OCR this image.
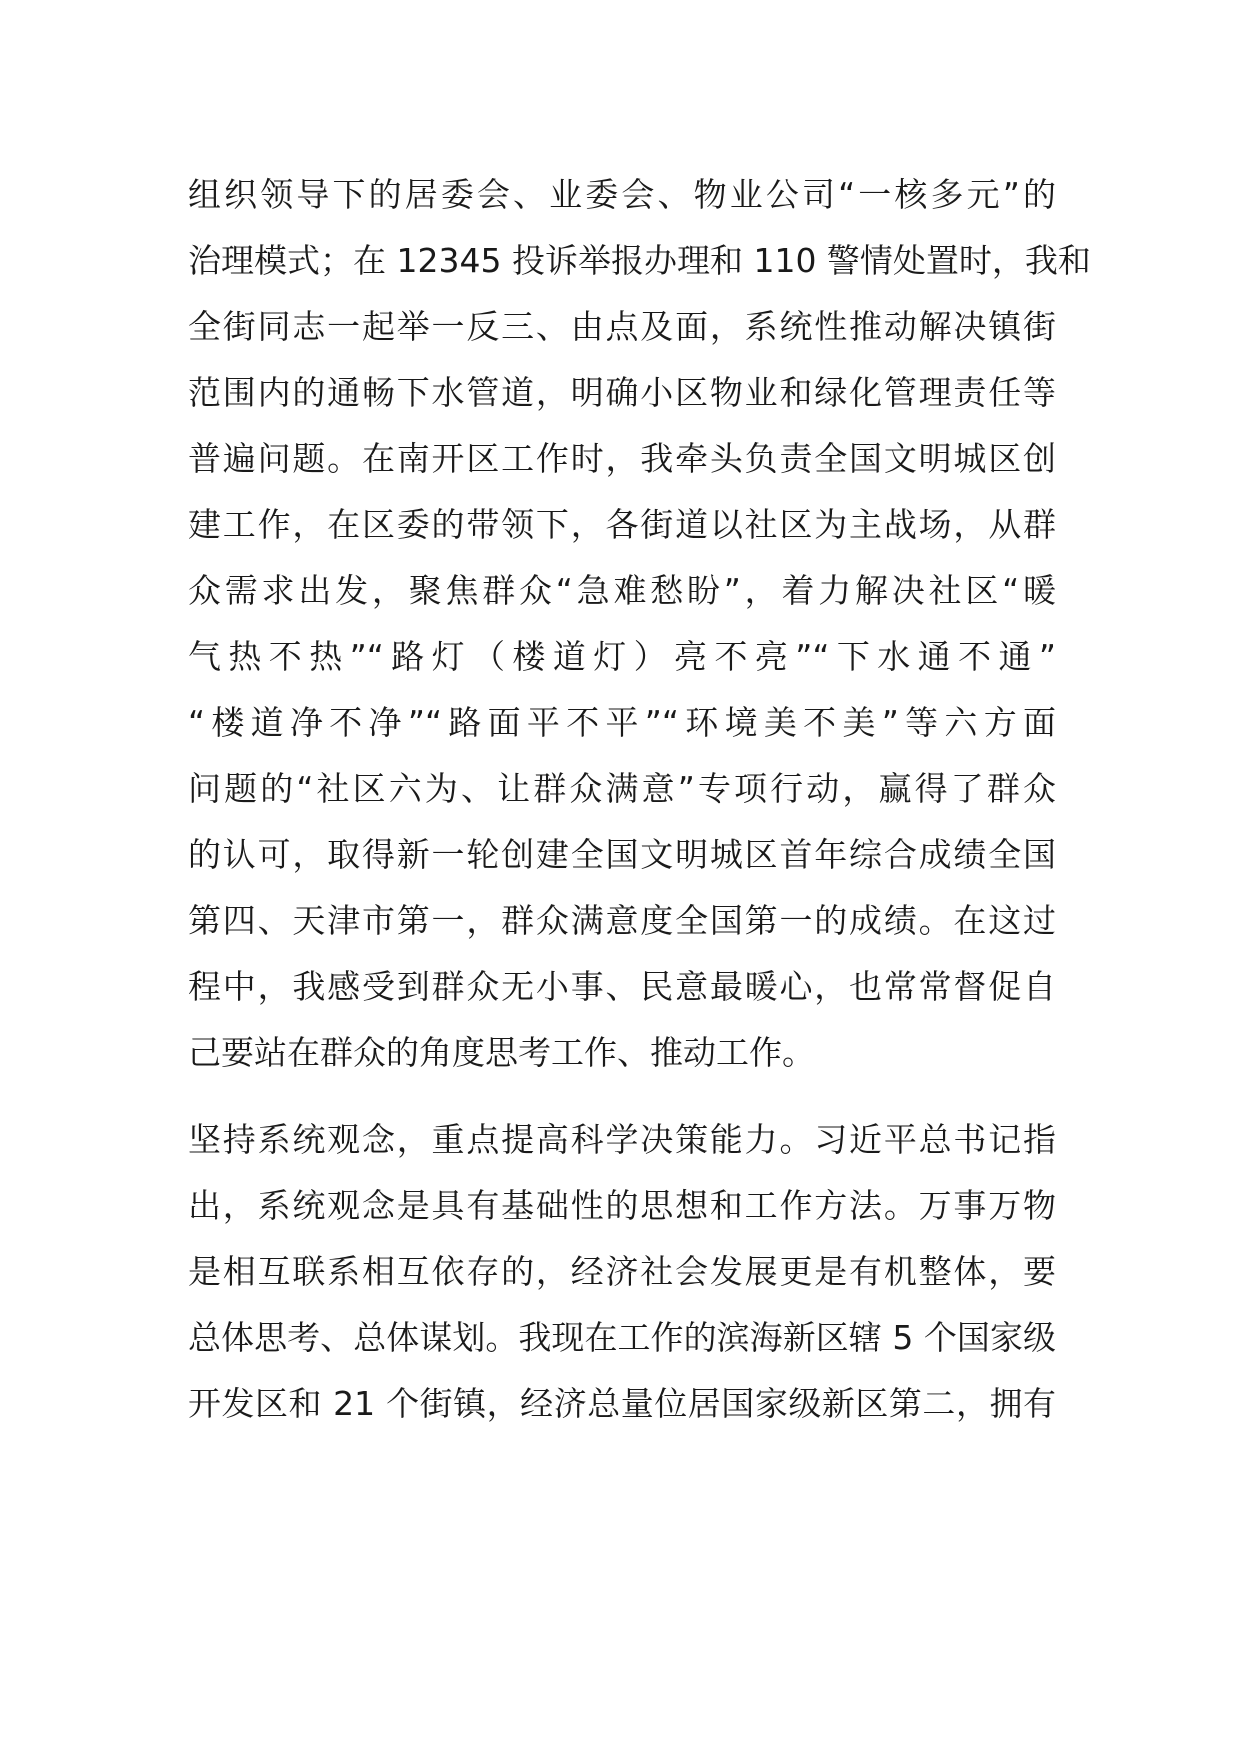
组织领导下的居委会、业委会、物业公司“一核多元”的
治理模式；在 12345 投诉举报办理和 110 警情处置时，我和
全街同志一起举一反三、由点及面，系统性推动解决镇街
范围内的通畅下水管道，明确小区物业和绿化管理责任等
普遍问题。在南开区工作时，我牵头负责全国文明城区创
建工作，在区委的带领下，各街道以社区为主战场，从群
众需求出发，聚焦群众“急难愁盼”，着力解决社区“暖
气热不热”“路灯（楼道灯）亮不亮”“下水通不通”
“楼道净不净”“路面平不平”“环境美不美”等六方面
问题的“社区六为、让群众满意”专项行动，赢得了群众
的认可，取得新一轮创建全国文明城区首年综合成绩全国
第四、天津市第一，群众满意度全国第一的成绩。在这过
程中，我感受到群众无小事、民意最暖心，也常常督促自
己要站在群众的角度思考工作、推动工作。
坚持系统观念，重点提高科学决策能力。习近平总书记指
出，系统观念是具有基础性的思想和工作方法。万事万物
是相互联系相互依存的，经济社会发展更是有机整体，要
总体思考、总体谋划。我现在工作的滨海新区辖 5 个国家级
开发区和 21 个街镇，经济总量位居国家级新区第二，拥有
